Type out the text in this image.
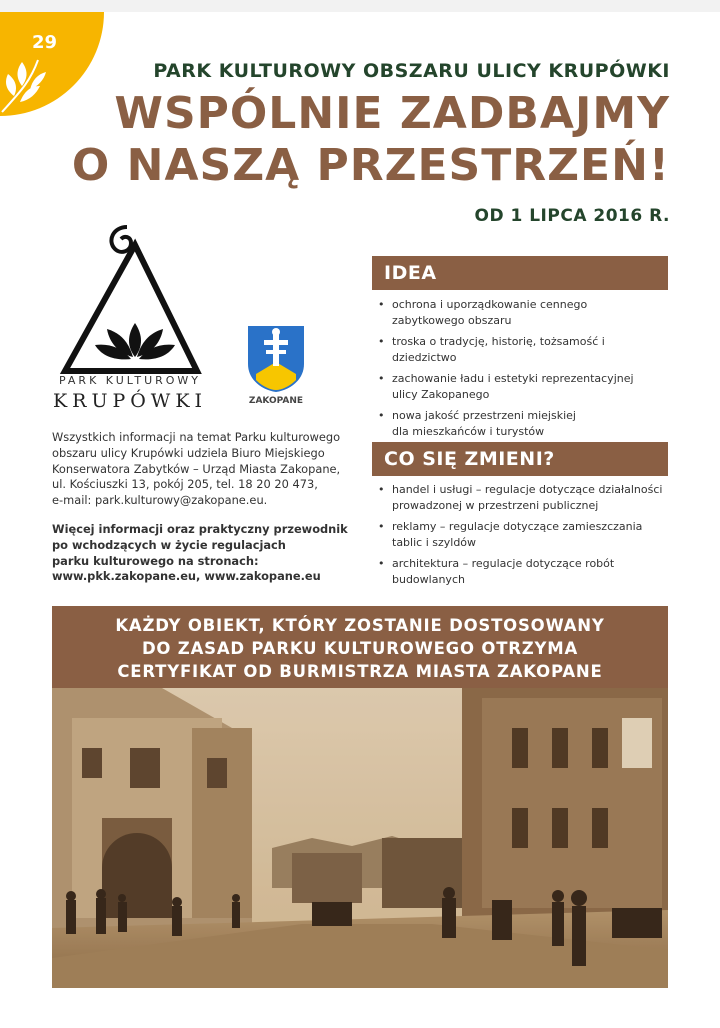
29
PARK KULTUROWY OBSZARU ULICY KRUPÓWKI
WSPÓLNIE ZADBAJMY
O NASZĄ PRZESTRZEŃ!
OD 1 LIPCA 2016 R.
PARK KULTUROWY
KRUPÓWKI	ZAKOPANE
Wszystkich informacji na temat Parku kulturowego
obszaru ulicy Krupówki udziela Biuro Miejskiego
Konserwatora Zabytków – Urząd Miasta Zakopane,
ul. Kościuszki 13, pokój 205, tel. 18 20 20 473,
e-mail: park.kulturowy@zakopane.eu.
Więcej informacji oraz praktyczny przewodnik
po wchodzących w życie regulacjach
parku kulturowego na stronach:
www.pkk.zakopane.eu, www.zakopane.eu
IDEA
• ochrona i uporządkowanie cennego
zabytkowego obszaru
• troska o tradycję, historię, tożsamość i dziedzictwo
• zachowanie ładu i estetyki reprezentacyjnej
ulicy Zakopanego
• nowa jakość przestrzeni miejskiej
dla mieszkańców i turystów
CO SIĘ ZMIENI?
• handel i usługi – regulacje dotyczące działalności
prowadzonej w przestrzeni publicznej
• reklamy – regulacje dotyczące zamieszczania
tablic i szyldów
• architektura – regulacje dotyczące robót
budowlanych
KAŻDY OBIEKT, KTÓRY ZOSTANIE DOSTOSOWANY
DO ZASAD PARKU KULTUROWEGO OTRZYMA
CERTYFIKAT OD BURMISTRZA MIASTA ZAKOPANE
